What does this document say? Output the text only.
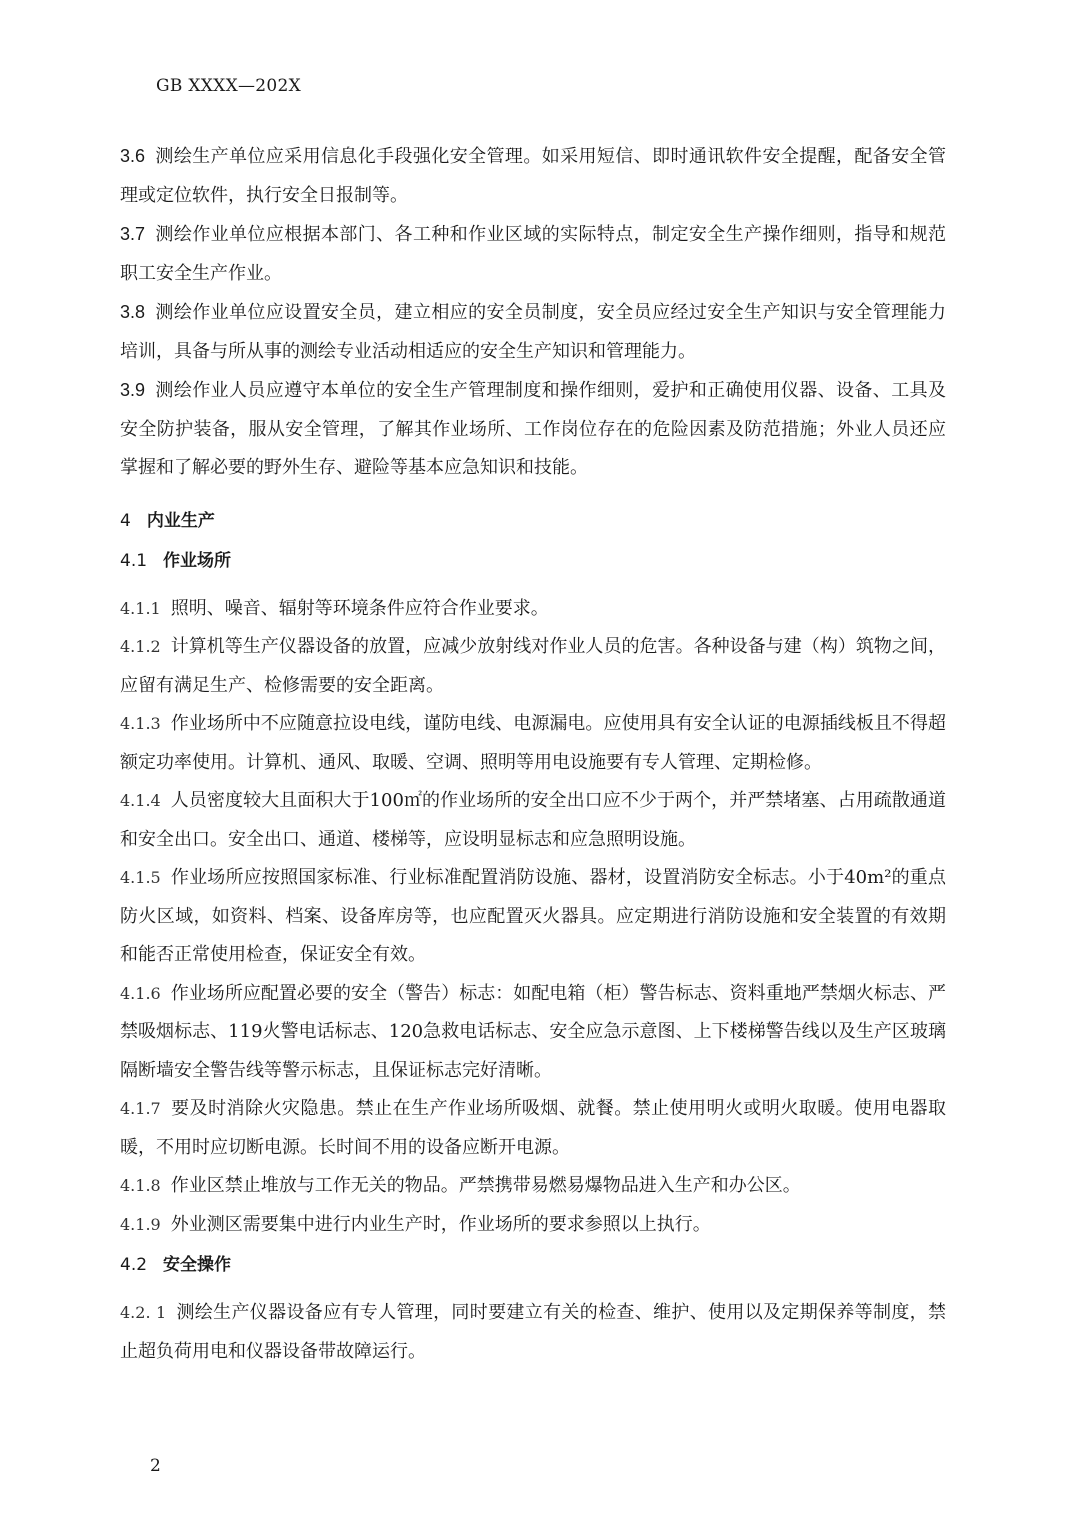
GB XXXX—202X

3.6 测绘生产单位应采用信息化手段强化安全管理。如采用短信、即时通讯软件安全提醒，配备安全管理或定位软件，执行安全日报制等。

3.7 测绘作业单位应根据本部门、各工种和作业区域的实际特点，制定安全生产操作细则，指导和规范职工安全生产作业。

3.8 测绘作业单位应设置安全员，建立相应的安全员制度，安全员应经过安全生产知识与安全管理能力培训，具备与所从事的测绘专业活动相适应的安全生产知识和管理能力。

3.9 测绘作业人员应遵守本单位的安全生产管理制度和操作细则，爱护和正确使用仪器、设备、工具及安全防护装备，服从安全管理，了解其作业场所、工作岗位存在的危险因素及防范措施；外业人员还应掌握和了解必要的野外生存、避险等基本应急知识和技能。

4 内业生产
4.1 作业场所

4.1.1 照明、噪音、辐射等环境条件应符合作业要求。

4.1.2 计算机等生产仪器设备的放置，应减少放射线对作业人员的危害。各种设备与建（构）筑物之间，应留有满足生产、检修需要的安全距离。

4.1.3 作业场所中不应随意拉设电线，谨防电线、电源漏电。应使用具有安全认证的电源插线板且不得超额定功率使用。计算机、通风、取暖、空调、照明等用电设施要有专人管理、定期检修。

4.1.4 人员密度较大且面积大于100㎡的作业场所的安全出口应不少于两个，并严禁堵塞、占用疏散通道和安全出口。安全出口、通道、楼梯等，应设明显标志和应急照明设施。

4.1.5 作业场所应按照国家标准、行业标准配置消防设施、器材，设置消防安全标志。小于40m²的重点防火区域，如资料、档案、设备库房等，也应配置灭火器具。应定期进行消防设施和安全装置的有效期和能否正常使用检查，保证安全有效。

4.1.6 作业场所应配置必要的安全（警告）标志：如配电箱（柜）警告标志、资料重地严禁烟火标志、严禁吸烟标志、119火警电话标志、120急救电话标志、安全应急示意图、上下楼梯警告线以及生产区玻璃隔断墙安全警告线等警示标志，且保证标志完好清晰。

4.1.7 要及时消除火灾隐患。禁止在生产作业场所吸烟、就餐。禁止使用明火或明火取暖。使用电器取暖，不用时应切断电源。长时间不用的设备应断开电源。

4.1.8 作业区禁止堆放与工作无关的物品。严禁携带易燃易爆物品进入生产和办公区。

4.1.9 外业测区需要集中进行内业生产时，作业场所的要求参照以上执行。

4.2 安全操作

4.2. 1 测绘生产仪器设备应有专人管理，同时要建立有关的检查、维护、使用以及定期保养等制度，禁止超负荷用电和仪器设备带故障运行。

2
